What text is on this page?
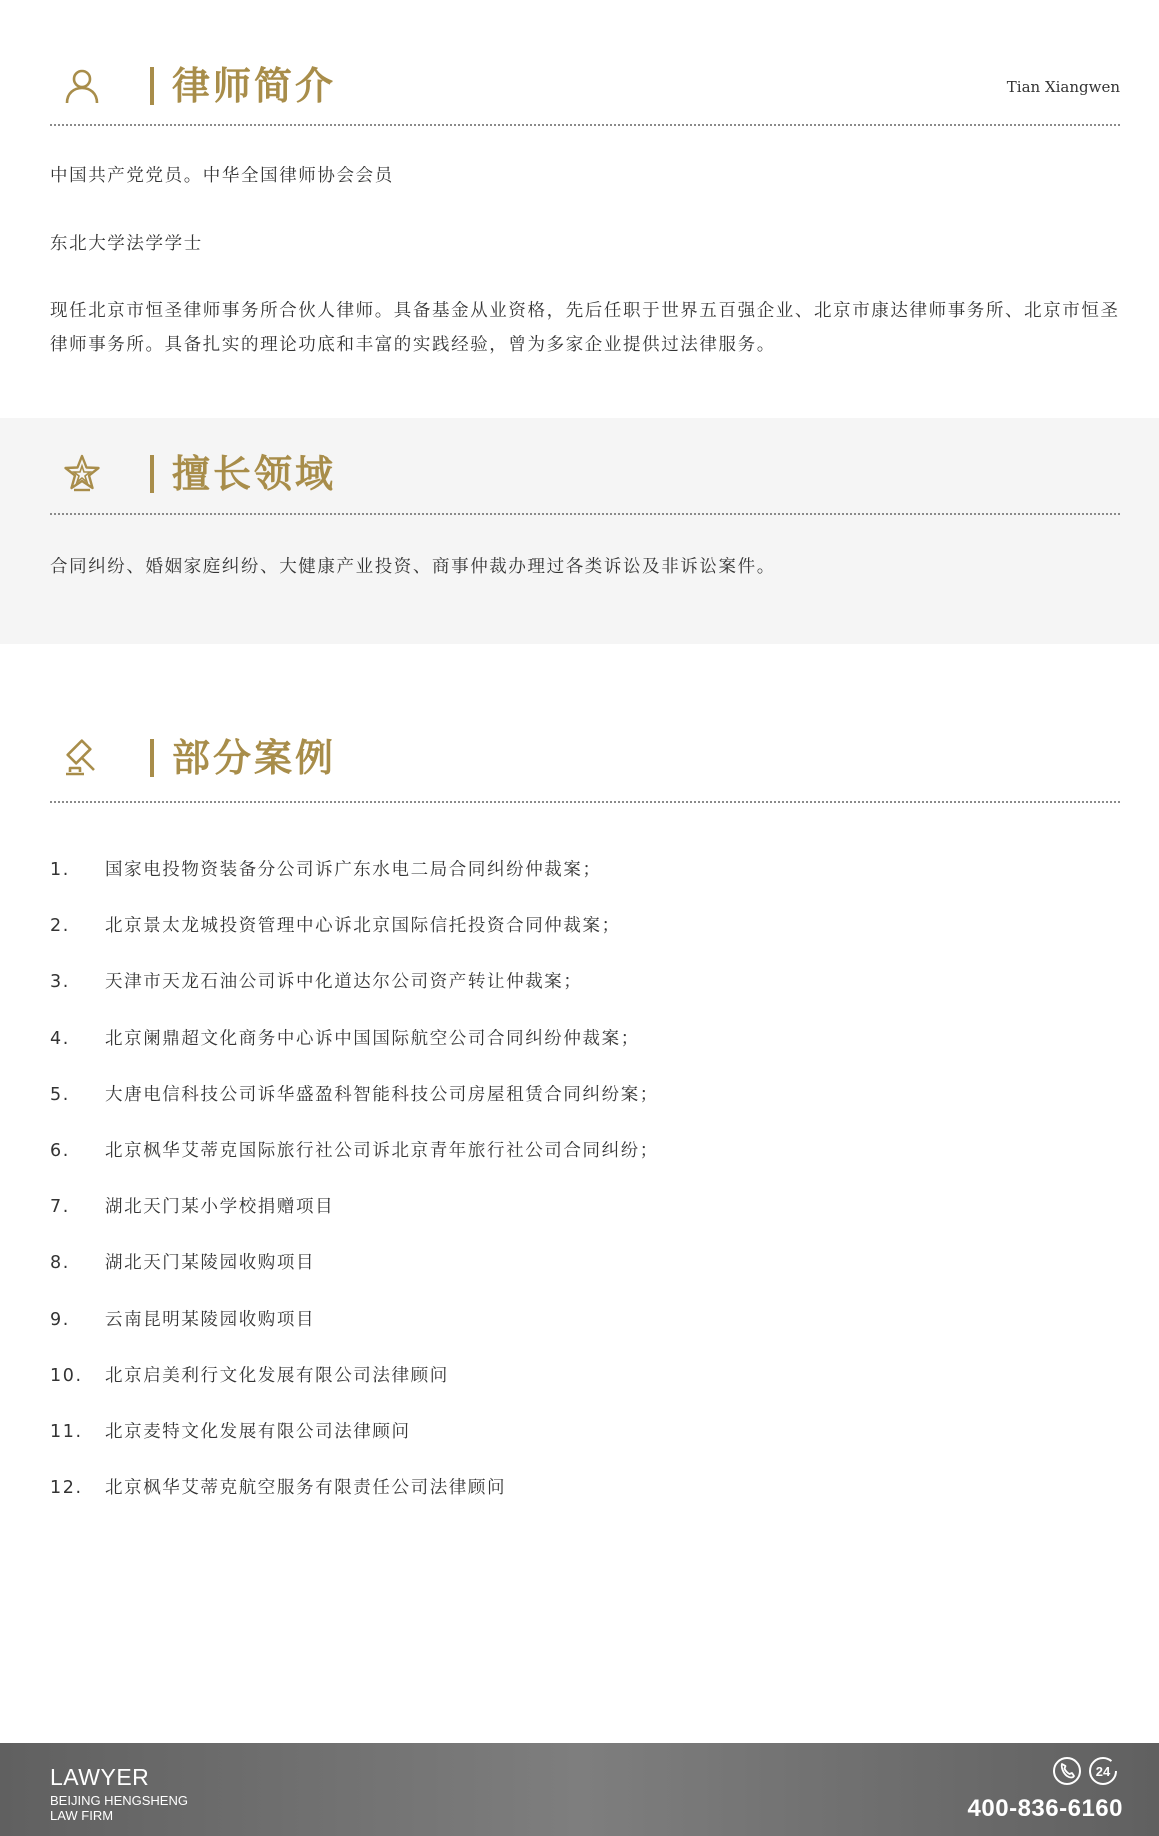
律师简介	Tian Xiangwen
中国共产党党员。中华全国律师协会会员
东北大学法学学士
现任北京市恒圣律师事务所合伙人律师。具备基金从业资格，先后任职于世界五百强企业、北京市康达律师事务所、北京市恒圣律师事务所。具备扎实的理论功底和丰富的实践经验，曾为多家企业提供过法律服务。
擅长领域
合同纠纷、婚姻家庭纠纷、大健康产业投资、商事仲裁办理过各类诉讼及非诉讼案件。
部分案例
1. 国家电投物资装备分公司诉广东水电二局合同纠纷仲裁案；
2. 北京景太龙城投资管理中心诉北京国际信托投资合同仲裁案；
3. 天津市天龙石油公司诉中化道达尔公司资产转让仲裁案；
4. 北京阑鼎超文化商务中心诉中国国际航空公司合同纠纷仲裁案；
5. 大唐电信科技公司诉华盛盈科智能科技公司房屋租赁合同纠纷案；
6. 北京枫华艾蒂克国际旅行社公司诉北京青年旅行社公司合同纠纷；
7. 湖北天门某小学校捐赠项目
8. 湖北天门某陵园收购项目
9. 云南昆明某陵园收购项目
10. 北京启美利行文化发展有限公司法律顾问
11. 北京麦特文化发展有限公司法律顾问
12. 北京枫华艾蒂克航空服务有限责任公司法律顾问
LAWYER
BEIJING HENGSHENG
LAW FIRM
24
400-836-6160
